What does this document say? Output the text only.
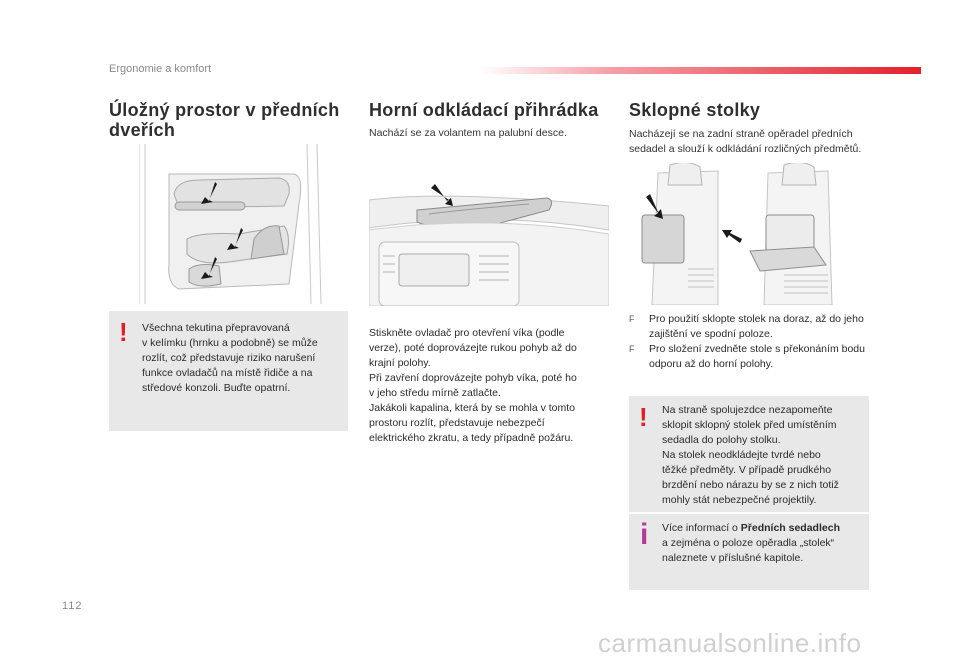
Ergonomie a komfort
Úložný prostor v předních dveřích
! Všechna tekutina přepravovaná
v kelímku (hrnku a podobně) se může
rozlít, což představuje riziko narušení
funkce ovladačů na místě řidiče a na
středové konzoli. Buďte opatrní.

Horní odkládací přihrádka
Nachází se za volantem na palubní desce.

Stiskněte ovladač pro otevření víka (podle

verze), poté doprovázejte rukou pohyb až do

krajní polohy.

Při zavření doprovázejte pohyb víka, poté ho

v jeho středu mírně zatlačte.

Jakákoli kapalina, která by se mohla v tomto

prostoru rozlít, představuje nebezpečí

elektrického zkratu, a tedy případně požáru.

Sklopné stolky
Nacházejí se na zadní straně opěradel předních sedadel a slouží k odkládání rozličných předmětů.
F	Pro použití sklopte stolek na doraz, až do jeho zajištění ve spodní poloze.
F	Pro složení zvedněte stole s překonáním bodu odporu až do horní polohy.
! Na straně spolujezdce nezapomeňte
sklopit sklopný stolek před umístěním
sedadla do polohy stolku.
Na stolek neodkládejte tvrdé nebo
těžké předměty. V případě prudkého
brzdění nebo nárazu by se z nich totiž
mohly stát nebezpečné projektily.

i Více informací o Předních sedadlech
a zejména o poloze opěradla „stolek“
naleznete v příslušné kapitole.

112
carmanualsonline.info
